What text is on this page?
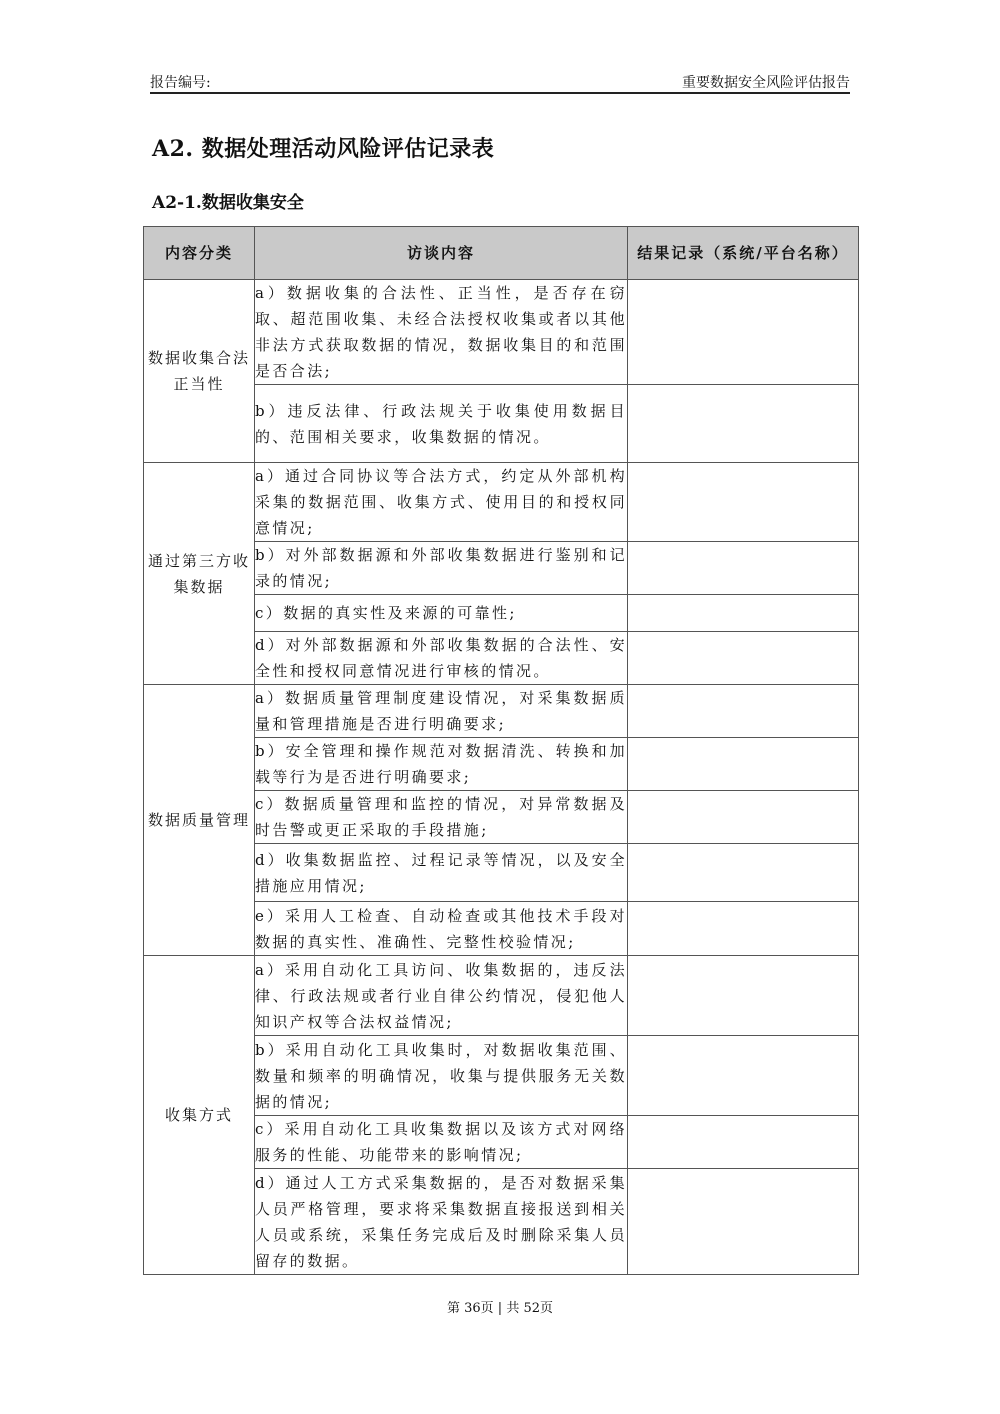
报告编号:	重要数据安全风险评估报告
A2. 数据处理活动风险评估记录表
A2-1.数据收集安全
内容分类	访谈内容	结果记录（系统/平台名称）
数据收集合法正当性	a）数据收集的合法性、正当性，是否存在窃取、超范围收集、未经合法授权收集或者以其他非法方式获取数据的情况，数据收集目的和范围是否合法;	
	b）违反法律、行政法规关于收集使用数据目的、范围相关要求，收集数据的情况。	
通过第三方收集数据	a）通过合同协议等合法方式，约定从外部机构采集的数据范围、收集方式、使用目的和授权同意情况;	
	b）对外部数据源和外部收集数据进行鉴别和记录的情况;	
	c）数据的真实性及来源的可靠性;	
	d）对外部数据源和外部收集数据的合法性、安全性和授权同意情况进行审核的情况。	
数据质量管理	a）数据质量管理制度建设情况，对采集数据质量和管理措施是否进行明确要求;	
	b）安全管理和操作规范对数据清洗、转换和加载等行为是否进行明确要求;	
	c）数据质量管理和监控的情况，对异常数据及时告警或更正采取的手段措施;	
	d）收集数据监控、过程记录等情况，以及安全措施应用情况;	
	e）采用人工检查、自动检查或其他技术手段对数据的真实性、准确性、完整性校验情况;	
收集方式	a）采用自动化工具访问、收集数据的，违反法律、行政法规或者行业自律公约情况，侵犯他人知识产权等合法权益情况;	
	b）采用自动化工具收集时，对数据收集范围、数量和频率的明确情况，收集与提供服务无关数据的情况;	
	c）采用自动化工具收集数据以及该方式对网络服务的性能、功能带来的影响情况;	
	d）通过人工方式采集数据的，是否对数据采集人员严格管理，要求将采集数据直接报送到相关人员或系统，采集任务完成后及时删除采集人员留存的数据。	
第 36页 | 共 52页
